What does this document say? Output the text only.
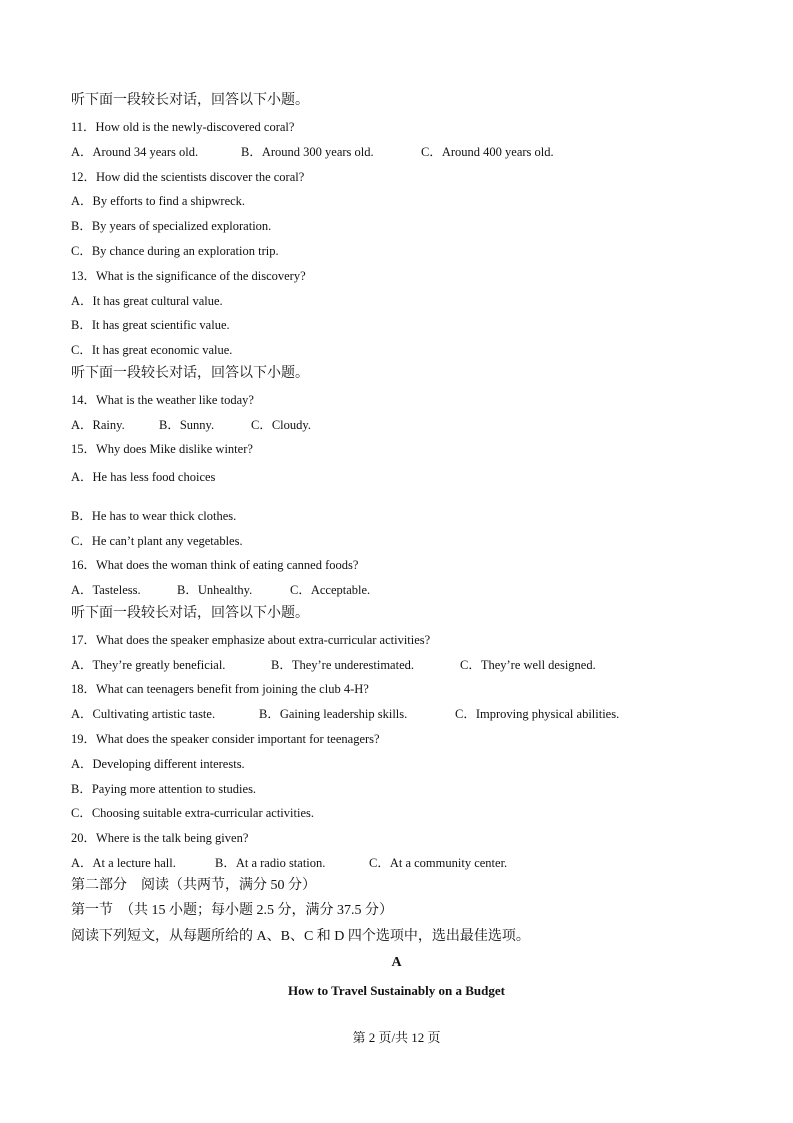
听下面一段较长对话，回答以下小题。
11．How old is the newly-discovered coral?
A．Around 34 years old.	B．Around 300 years old.	C．Around 400 years old.
12．How did the scientists discover the coral?
A．By efforts to find a shipwreck.
B．By years of specialized exploration.
C．By chance during an exploration trip.
13．What is the significance of the discovery?
A．It has great cultural value.
B．It has great scientific value.
C．It has great economic value.
听下面一段较长对话，回答以下小题。
14．What is the weather like today?
A．Rainy.	B．Sunny.	C．Cloudy.
15．Why does Mike dislike winter?
A．He has less food choices
B．He has to wear thick clothes.
C．He can’t plant any vegetables.
16．What does the woman think of eating canned foods?
A．Tasteless.	B．Unhealthy.	C．Acceptable.
听下面一段较长对话，回答以下小题。
17．What does the speaker emphasize about extra-curricular activities?
A．They’re greatly beneficial.	B．They’re underestimated.	C．They’re well designed.
18．What can teenagers benefit from joining the club 4-H?
A．Cultivating artistic taste.	B．Gaining leadership skills.	C．Improving physical abilities.
19．What does the speaker consider important for teenagers?
A．Developing different interests.
B．Paying more attention to studies.
C．Choosing suitable extra-curricular activities.
20．Where is the talk being given?
A．At a lecture hall.	B．At a radio station.	C．At a community center.
第二部分　阅读（共两节，满分 50 分）
第一节　（共 15 小题；每小题 2.5 分，满分 37.5 分）
阅读下列短文，从每题所给的 A、B、C 和 D 四个选项中，选出最佳选项。
A
How to Travel Sustainably on a Budget
第 2 页/共 12 页
